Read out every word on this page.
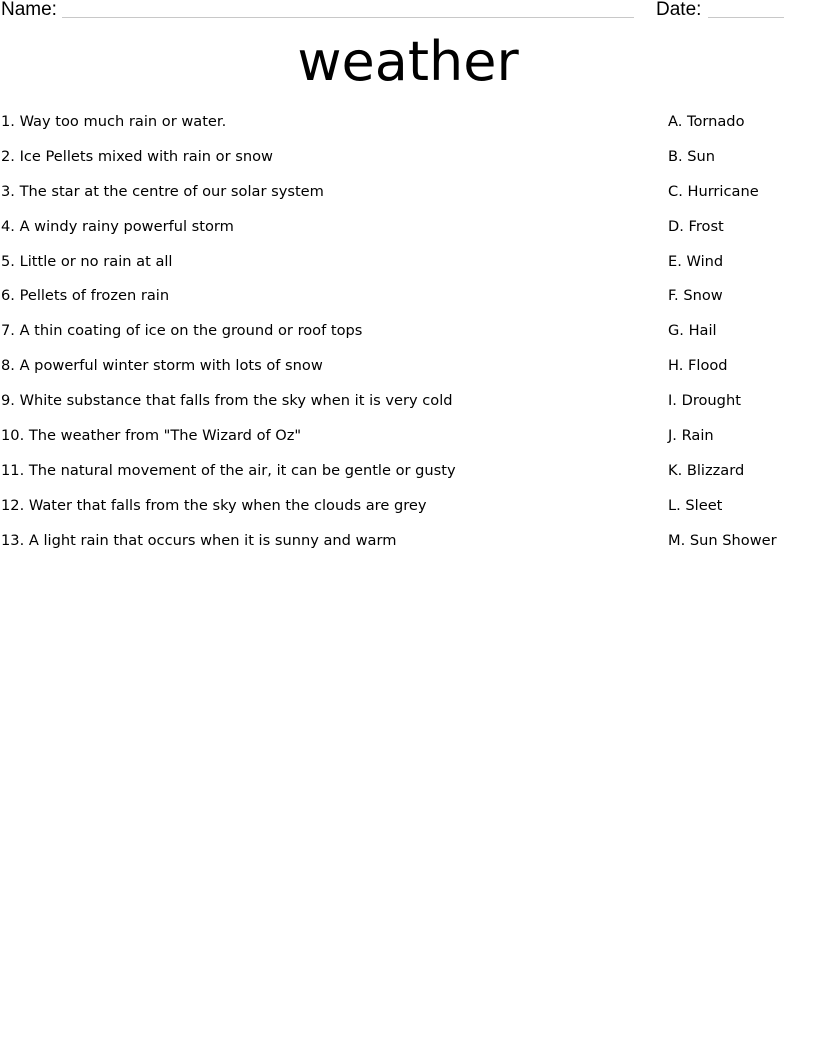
Name:	Date:
weather
1. Way too much rain or water.	A. Tornado
2. Ice Pellets mixed with rain or snow	B. Sun
3. The star at the centre of our solar system	C. Hurricane
4. A windy rainy powerful storm	D. Frost
5. Little or no rain at all	E. Wind
6. Pellets of frozen rain	F. Snow
7. A thin coating of ice on the ground or roof tops	G. Hail
8. A powerful winter storm with lots of snow	H. Flood
9. White substance that falls from the sky when it is very cold	I. Drought
10. The weather from "The Wizard of Oz"	J. Rain
11. The natural movement of the air, it can be gentle or gusty	K. Blizzard
12. Water that falls from the sky when the clouds are grey	L. Sleet
13. A light rain that occurs when it is sunny and warm	M. Sun Shower
